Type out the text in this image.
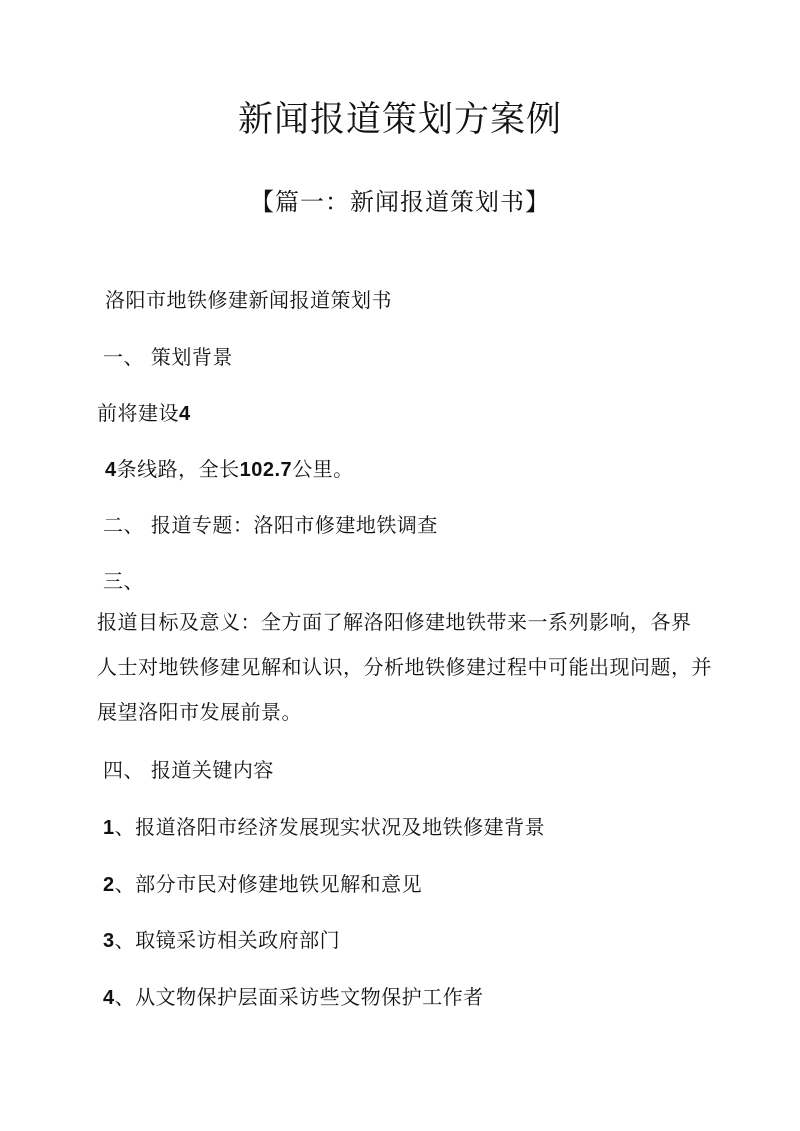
新闻报道策划方案例
【篇一：新闻报道策划书】
洛阳市地铁修建新闻报道策划书
一、 策划背景
前将建设4
4条线路，全长102.7公里。
二、 报道专题：洛阳市修建地铁调查
三、
报道目标及意义：全方面了解洛阳修建地铁带来一系列影响，各界
人士对地铁修建见解和认识，分析地铁修建过程中可能出现问题，并
展望洛阳市发展前景。
四、 报道关键内容
1、报道洛阳市经济发展现实状况及地铁修建背景
2、部分市民对修建地铁见解和意见
3、取镜采访相关政府部门
4、从文物保护层面采访些文物保护工作者
